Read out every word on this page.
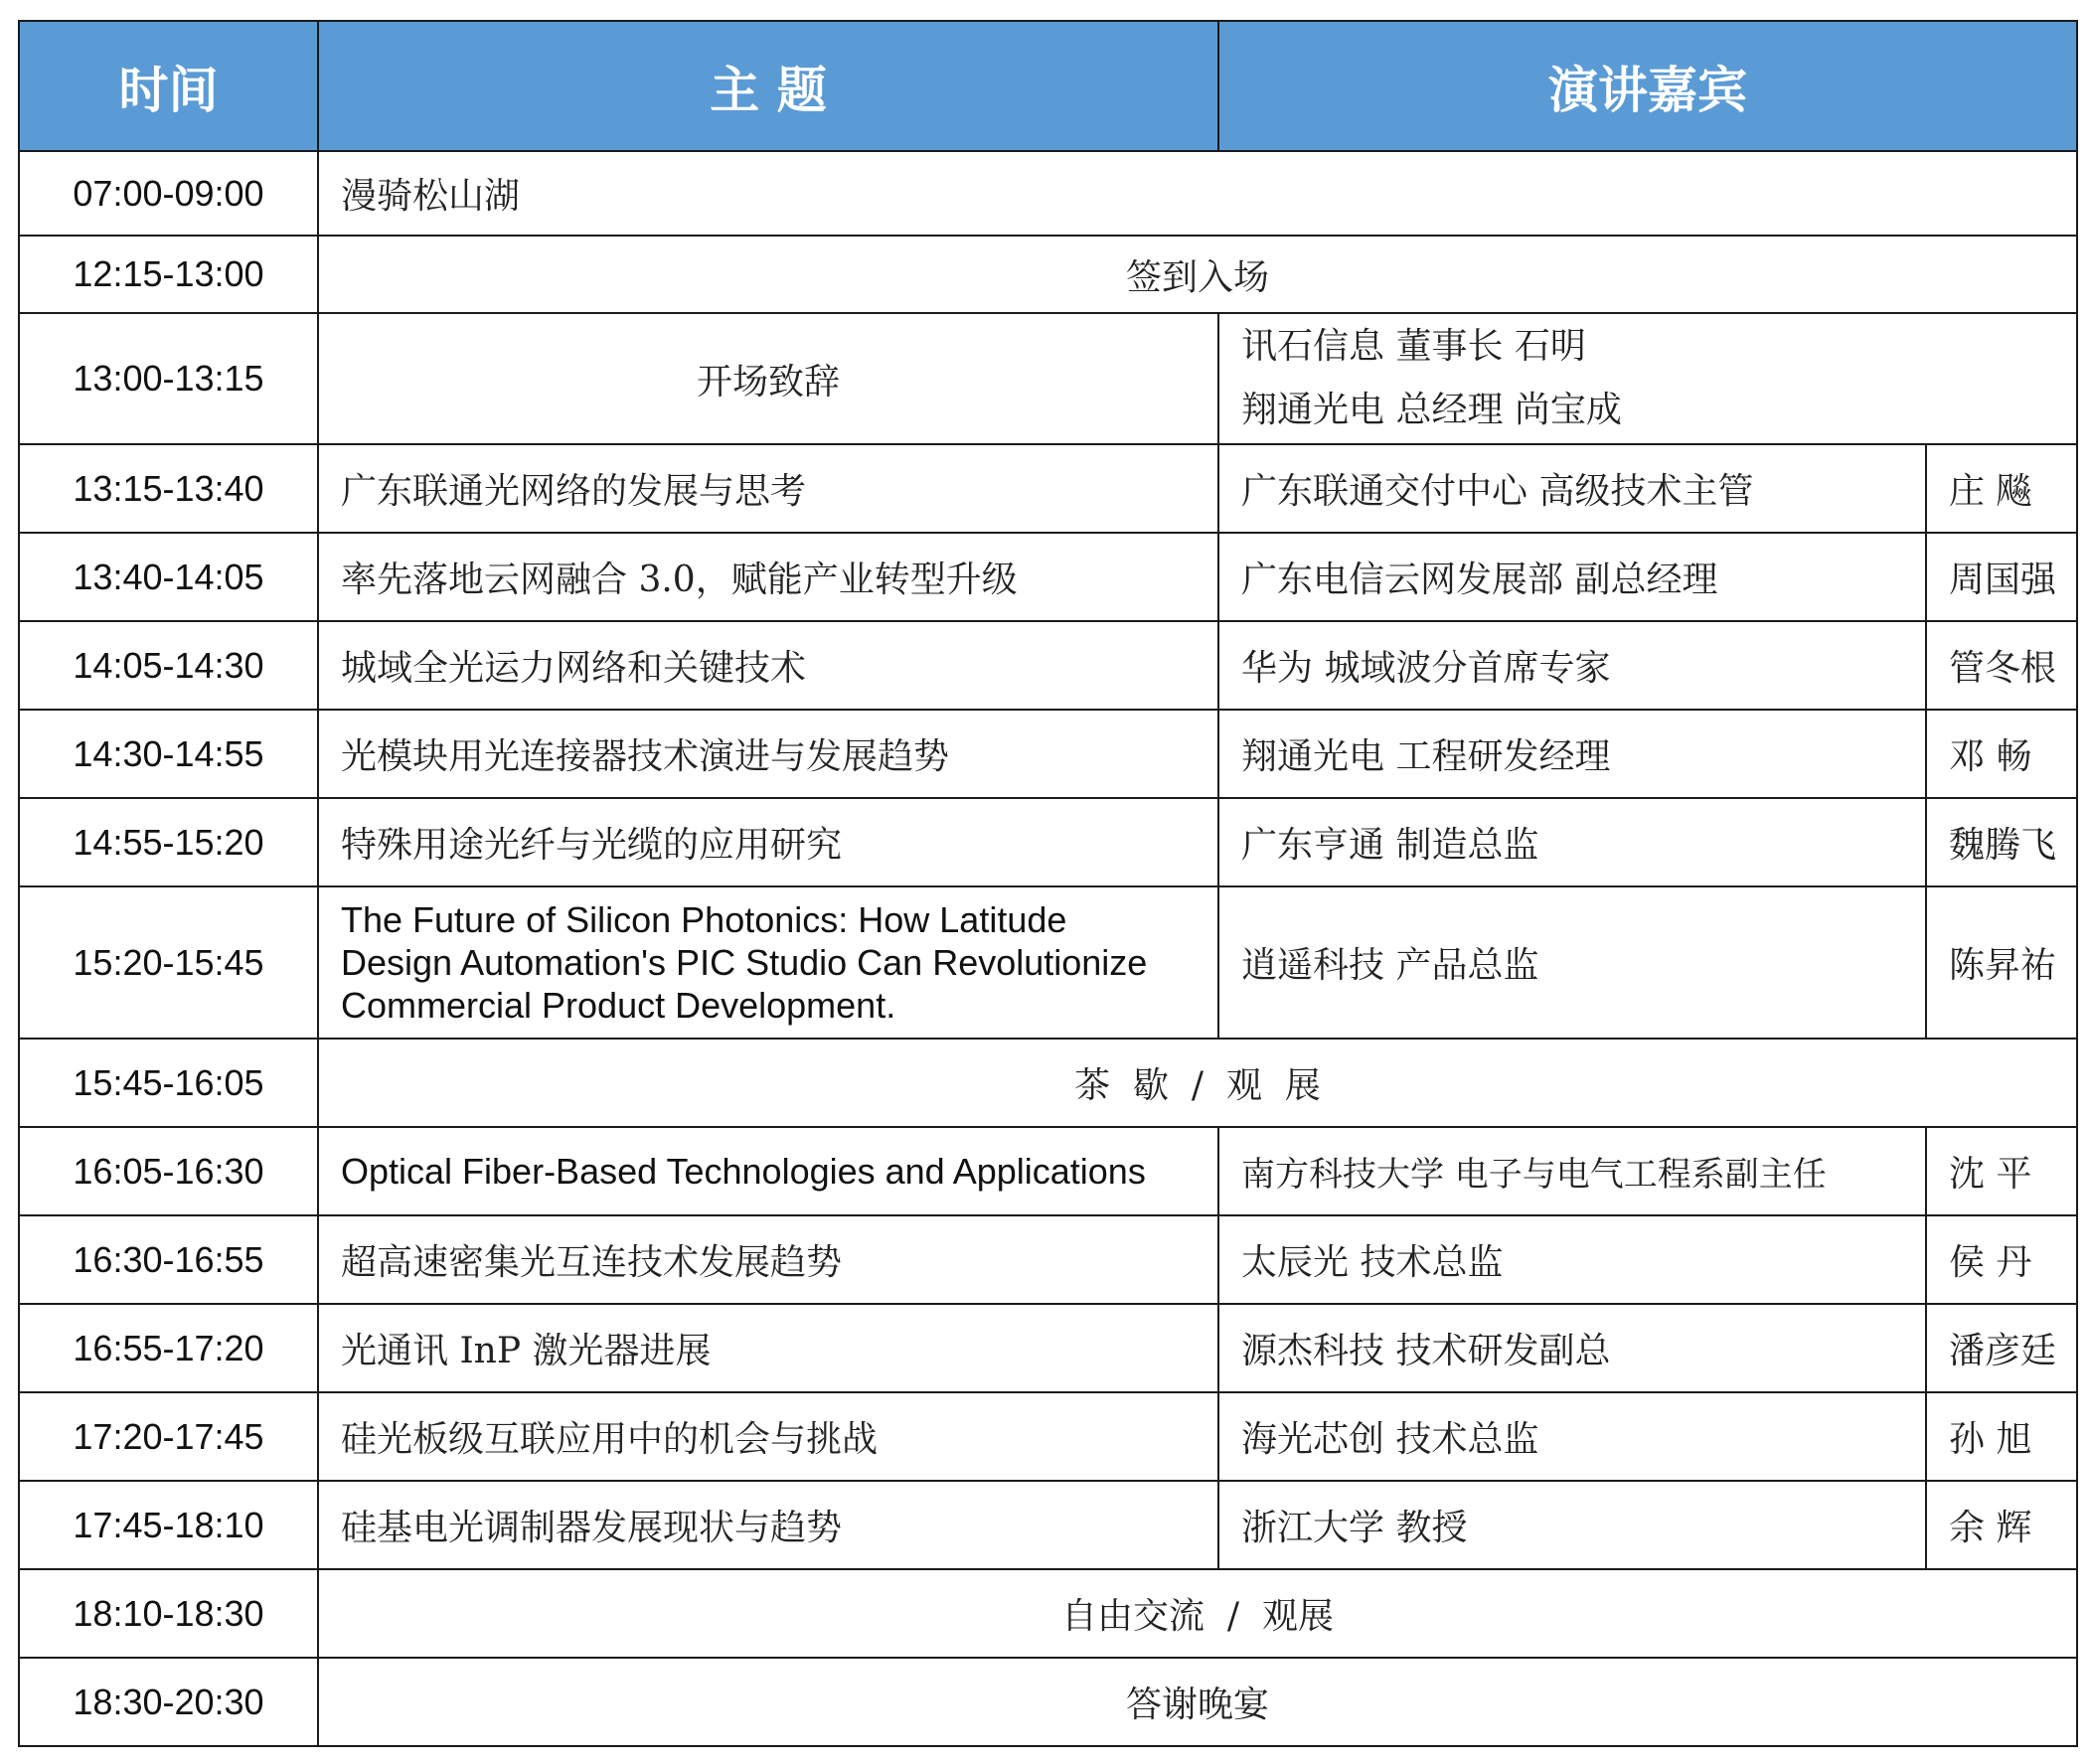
时间	主 题	演讲嘉宾	
07:00-09:00	漫骑松山湖		
12:15-13:00	签到入场		
13:00-13:15	开场致辞	讯石信息 董事长 石明
翔通光电 总经理 尚宝成	

13:15-13:40	广东联通光网络的发展与思考	广东联通交付中心 高级技术主管	庄 飚
13:40-14:05	率先落地云网融合 3.0，赋能产业转型升级	广东电信云网发展部 副总经理	周国强
14:05-14:30	城域全光运力网络和关键技术	华为 城域波分首席专家	管冬根
14:30-14:55	光模块用光连接器技术演进与发展趋势	翔通光电 工程研发经理	邓 畅
14:55-15:20	特殊用途光纤与光缆的应用研究	广东亨通 制造总监	魏腾飞
15:20-15:45	The Future of Silicon Photonics: How Latitude
Design Automation's PIC Studio Can Revolutionize
Commercial Product Development.	逍遥科技 产品总监	陈昇祐
15:45-16:05	茶  歇  /  观  展		
16:05-16:30	Optical Fiber-Based Technologies and Applications	南方科技大学 电子与电气工程系副主任	沈 平
16:30-16:55	超高速密集光互连技术发展趋势	太辰光 技术总监	侯 丹
16:55-17:20	光通讯 InP 激光器进展	源杰科技 技术研发副总	潘彦廷
17:20-17:45	硅光板级互联应用中的机会与挑战	海光芯创 技术总监	孙 旭
17:45-18:10	硅基电光调制器发展现状与趋势	浙江大学 教授	余 辉
18:10-18:30	自由交流  /  观展		
18:30-20:30	答谢晚宴		
